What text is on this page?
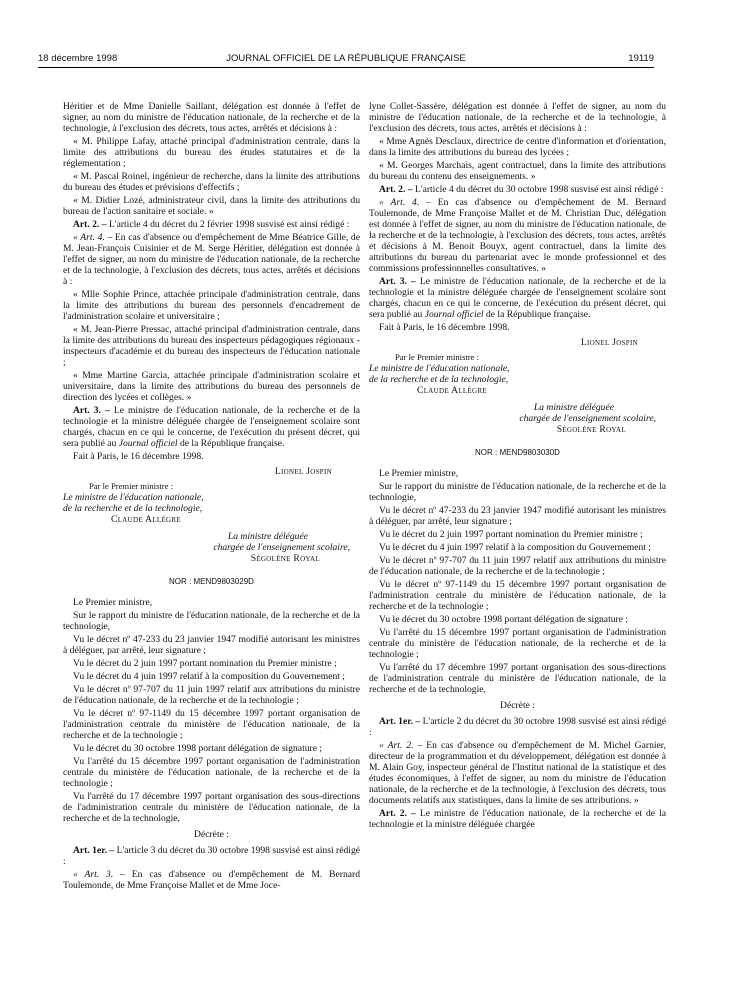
18 décembre 1998	JOURNAL OFFICIEL DE LA RÉPUBLIQUE FRANÇAISE	19119

Héritier et de Mme Danielle Saillant, délégation est donnée à l'effet de signer, au nom du ministre de l'éducation nationale, de la recherche et de la technologie, à l'exclusion des décrets, tous actes, arrêtés et décisions à :

« M. Philippe Lafay, attaché principal d'administration centrale, dans la limite des attributions du bureau des études statutaires et de la réglementation ;

« M. Pascal Roinel, ingénieur de recherche, dans la limite des attributions du bureau des études et prévisions d'effectifs ;

« M. Didier Lozé, administrateur civil, dans la limite des attributions du bureau de l'action sanitaire et sociale. »

Art. 2. – L'article 4 du décret du 2 février 1998 susvisé est ainsi rédigé :

« Art. 4. – En cas d'absence ou d'empêchement de Mme Béatrice Gille, de M. Jean-François Cuisinier et de M. Serge Héritier, délégation est donnée à l'effet de signer, au nom du ministre de l'éducation nationale, de la recherche et de la technologie, à l'exclusion des décrets, tous actes, arrêtés et décisions à :

« Mlle Sophie Prince, attachée principale d'administration centrale, dans la limite des attributions du bureau des personnels d'encadrement de l'administration scolaire et universitaire ;

« M. Jean-Pierre Pressac, attaché principal d'administration centrale, dans la limite des attributions du bureau des inspecteurs pédagogiques régionaux - inspecteurs d'académie et du bureau des inspecteurs de l'éducation nationale ;

« Mme Martine Garcia, attachée principale d'administration scolaire et universitaire, dans la limite des attributions du bureau des personnels de direction des lycées et collèges. »

Art. 3. – Le ministre de l'éducation nationale, de la recherche et de la technologie et la ministre déléguée chargée de l'enseignement scolaire sont chargés, chacun en ce qui le concerne, de l'exécution du présent décret, qui sera publié au Journal officiel de la République française.

Fait à Paris, le 16 décembre 1998.

Lionel Jospin
Par le Premier ministre :
Le ministre de l'éducation nationale,
de la recherche et de la technologie,
Claude Allègre
La ministre déléguée
chargée de l'enseignement scolaire,
Ségolène Royal
NOR : MEND9803029D

Le Premier ministre,

Sur le rapport du ministre de l'éducation nationale, de la recherche et de la technologie,

Vu le décret nº 47-233 du 23 janvier 1947 modifié autorisant les ministres à déléguer, par arrêté, leur signature ;

Vu le décret du 2 juin 1997 portant nomination du Premier ministre ;

Vu le décret du 4 juin 1997 relatif à la composition du Gouvernement ;

Vu le décret nº 97-707 du 11 juin 1997 relatif aux attributions du ministre de l'éducation nationale, de la recherche et de la technologie ;

Vu le décret nº 97-1149 du 15 décembre 1997 portant organisation de l'administration centrale du ministère de l'éducation nationale, de la recherche et de la technologie ;

Vu le décret du 30 octobre 1998 portant délégation de signature ;

Vu l'arrêté du 15 décembre 1997 portant organisation de l'administration centrale du ministère de l'éducation nationale, de la recherche et de la technologie ;

Vu l'arrêté du 17 décembre 1997 portant organisation des sous-directions de l'administration centrale du ministère de l'éducation nationale, de la recherche et de la technologie,

Décrète :

Art. 1er. – L'article 3 du décret du 30 octobre 1998 susvisé est ainsi rédigé :

« Art. 3. – En cas d'absence ou d'empêchement de M. Bernard Toulemonde, de Mme Françoise Mallet et de Mme Joce-

lyne Collet-Sassère, délégation est donnée à l'effet de signer, au nom du ministre de l'éducation nationale, de la recherche et de la technologie, à l'exclusion des décrets, tous actes, arrêtés et décisions à :

« Mme Agnès Desclaux, directrice de centre d'information et d'orientation, dans la limite des attributions du bureau des lycées ;

« M. Georges Marchais, agent contractuel, dans la limite des attributions du bureau du contenu des enseignements. »

Art. 2. – L'article 4 du décret du 30 octobre 1998 susvisé est ainsi rédigé :

« Art. 4. – En cas d'absence ou d'empêchement de M. Bernard Toulemonde, de Mme Françoise Mallet et de M. Christian Duc, délégation est donnée à l'effet de signer, au nom du ministre de l'éducation nationale, de la recherche et de la technologie, à l'exclusion des décrets, tous actes, arrêtés et décisions à M. Benoit Bouyx, agent contractuel, dans la limite des attributions du bureau du partenariat avec le monde professionnel et des commissions professionnelles consultatives. »

Art. 3. – Le ministre de l'éducation nationale, de la recherche et de la technologie et la ministre déléguée chargée de l'enseignement scolaire sont chargés, chacun en ce qui le concerne, de l'exécution du présent décret, qui sera publié au Journal officiel de la République française.

Fait à Paris, le 16 décembre 1998.

Lionel Jospin
Par le Premier ministre :
Le ministre de l'éducation nationale,
de la recherche et de la technologie,
Claude Allègre
La ministre déléguée
chargée de l'enseignement scolaire,
Ségolène Royal
NOR : MEND9803030D

Le Premier ministre,

Sur le rapport du ministre de l'éducation nationale, de la recherche et de la technologie,

Vu le décret nº 47-233 du 23 janvier 1947 modifié autorisant les ministres à déléguer, par arrêté, leur signature ;

Vu le décret du 2 juin 1997 portant nomination du Premier ministre ;

Vu le décret du 4 juin 1997 relatif à la composition du Gouvernement ;

Vu le décret nº 97-707 du 11 juin 1997 relatif aux attributions du ministre de l'éducation nationale, de la recherche et de la technologie ;

Vu le décret nº 97-1149 du 15 décembre 1997 portant organisation de l'administration centrale du ministère de l'éducation nationale, de la recherche et de la technologie ;

Vu le décret du 30 octobre 1998 portant délégation de signature ;

Vu l'arrêté du 15 décembre 1997 portant organisation de l'administration centrale du ministère de l'éducation nationale, de la recherche et de la technologie ;

Vu l'arrêté du 17 décembre 1997 portant organisation des sous-directions de l'administration centrale du ministère de l'éducation nationale, de la recherche et de la technologie,

Décrète :

Art. 1er. – L'article 2 du décret du 30 octobre 1998 susvisé est ainsi rédigé :

« Art. 2. – En cas d'absence ou d'empêchement de M. Michel Garnier, directeur de la programmation et du développement, délégation est donnée à M. Alain Goy, inspecteur général de l'Institut national de la statistique et des études économiques, à l'effet de signer, au nom du ministre de l'éducation nationale, de la recherche et de la technologie, à l'exclusion des décrets, tous documents relatifs aux statistiques, dans la limite de ses attributions. »

Art. 2. – Le ministre de l'éducation nationale, de la recherche et de la technologie et la ministre déléguée chargée
